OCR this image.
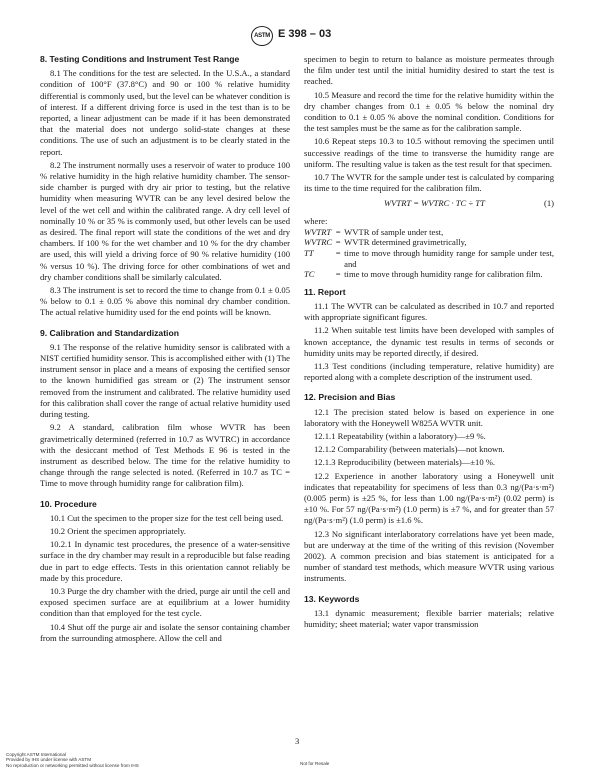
ASTM E 398 – 03
8. Testing Conditions and Instrument Test Range

8.1 The conditions for the test are selected. In the U.S.A., a standard condition of 100°F (37.8°C) and 90 or 100 % relative humidity differential is commonly used, but the level can be whatever condition is of interest. If a different driving force is used in the test than is to be reported, a linear adjustment can be made if it has been demonstrated that the material does not undergo solid-state changes at these conditions. The use of such an adjustment is to be clearly stated in the report.

8.2 The instrument normally uses a reservoir of water to produce 100 % relative humidity in the high relative humidity chamber. The sensor-side chamber is purged with dry air prior to testing, but the relative humidity when measuring WVTR can be any level desired below the level of the wet cell and within the calibrated range. A dry cell level of nominally 10 % or 35 % is commonly used, but other levels can be used as desired. The final report will state the conditions of the wet and dry chambers. If 100 % for the wet chamber and 10 % for the dry chamber are used, this will yield a driving force of 90 % relative humidity (100 % versus 10 %). The driving force for other combinations of wet and dry chamber conditions shall be similarly calculated.

8.3 The instrument is set to record the time to change from 0.1 ± 0.05 % below to 0.1 ± 0.05 % above this nominal dry chamber condition. The actual relative humidity used for the end points will be known.

9. Calibration and Standardization

9.1 The response of the relative humidity sensor is calibrated with a NIST certified humidity sensor. This is accomplished either with (1) The instrument sensor in place and a means of exposing the certified sensor to the known humidified gas stream or (2) The instrument sensor removed from the instrument and calibrated. The relative humidity used for this calibration shall cover the range of actual relative humidity used during testing.

9.2 A standard, calibration film whose WVTR has been gravimetrically determined (referred in 10.7 as WVTRC) in accordance with the desiccant method of Test Methods E 96 is tested in the instrument as described below. The time for the relative humidity to change through the range selected is noted. (Referred in 10.7 as TC = Time to move through humidity range for calibration film).

10. Procedure

10.1 Cut the specimen to the proper size for the test cell being used.

10.2 Orient the specimen appropriately.

10.2.1 In dynamic test procedures, the presence of a water-sensitive surface in the dry chamber may result in a reproducible but false reading due in part to edge effects. Tests in this orientation cannot reliably be made by this procedure.

10.3 Purge the dry chamber with the dried, purge air until the cell and exposed specimen surface are at equilibrium at a lower humidity condition than that employed for the test cycle.

10.4 Shut off the purge air and isolate the sensor containing chamber from the surrounding atmosphere. Allow the cell and

specimen to begin to return to balance as moisture permeates through the film under test until the initial humidity desired to start the test is reached.

10.5 Measure and record the time for the relative humidity within the dry chamber changes from 0.1 ± 0.05 % below the nominal dry condition to 0.1 ± 0.05 % above the nominal condition. Conditions for the test samples must be the same as for the calibration sample.

10.6 Repeat steps 10.3 to 10.5 without removing the specimen until successive readings of the time to transverse the humidity range are uniform. The resulting value is taken as the test result for that specimen.

10.7 The WVTR for the sample under test is calculated by comparing its time to the time required for the calibration film.

WVTRT = WVTRC · TC ÷ TT	(1)
where:
WVTRT	=	WVTR of sample under test,
WVTRC	=	WVTR determined gravimetrically,
TT	=	time to move through humidity range for sample under test, and
TC	=	time to move through humidity range for calibration film.
11. Report

11.1 The WVTR can be calculated as described in 10.7 and reported with appropriate significant figures.

11.2 When suitable test limits have been developed with samples of known acceptance, the dynamic test results in terms of seconds or humidity units may be reported directly, if desired.

11.3 Test conditions (including temperature, relative humidity) are reported along with a complete description of the instrument used.

12. Precision and Bias

12.1 The precision stated below is based on experience in one laboratory with the Honeywell W825A WVTR unit.

12.1.1 Repeatability (within a laboratory)—±9 %.

12.1.2 Comparability (between materials)—not known.

12.1.3 Reproducibility (between materials)—±10 %.

12.2 Experience in another laboratory using a Honeywell unit indicates that repeatability for specimens of less than 0.3 ng/(Pa·s·m²) (0.005 perm) is ±25 %, for less than 1.00 ng/(Pa·s·m²) (0.02 perm) is ±10 %. For 57 ng/(Pa·s·m²) (1.0 perm) is ±7 %, and for greater than 57 ng/(Pa·s·m²) (1.0 perm) is ±1.6 %.

12.3 No significant interlaboratory correlations have yet been made, but are underway at the time of the writing of this revision (November 2002). A common precision and bias statement is anticipated for a number of standard test methods, which measure WVTR using various instruments.

13. Keywords

13.1 dynamic measurement; flexible barrier materials; relative humidity; sheet material; water vapor transmission

3
Copyright ASTM International
Provided by IHS under license with ASTM
No reproduction or networking permitted without license from IHS	Not for Resale
